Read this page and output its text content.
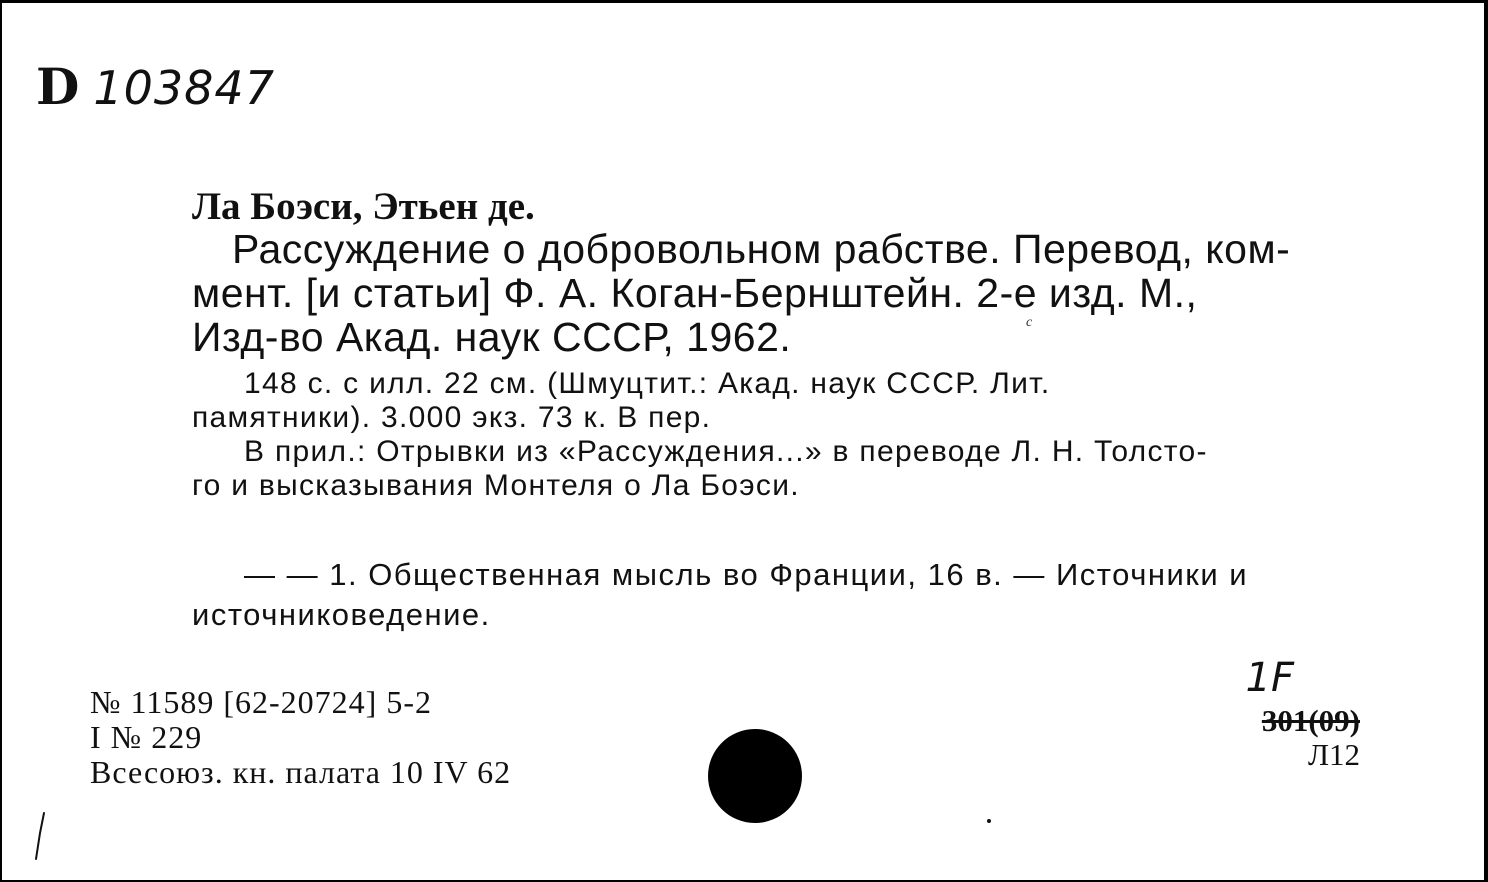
D 103847
Ла Боэси, Этьен де.
Рассуждение о добровольном рабстве. Перевод, ком-
мент. [и статьи] Ф. А. Коган-Бернштейн. 2-е изд. М.,
Изд-во Акад. наук СССР, 1962.	с
148 с. с илл. 22 см. (Шмуцтит.: Акад. наук СССР. Лит.
памятники). 3.000 экз. 73 к. В пер.
В прил.: Отрывки из «Рассуждения...» в переводе Л. Н. Толсто-
го и высказывания Монтеля о Ла Боэси.
— — 1. Общественная мысль во Франции, 16 в. — Источники и
источниковедение.
№ 11589 [62-20724] 5-2
I № 229
Всесоюз. кн. палата 10 IV 62
1F
301(09)
Л12
